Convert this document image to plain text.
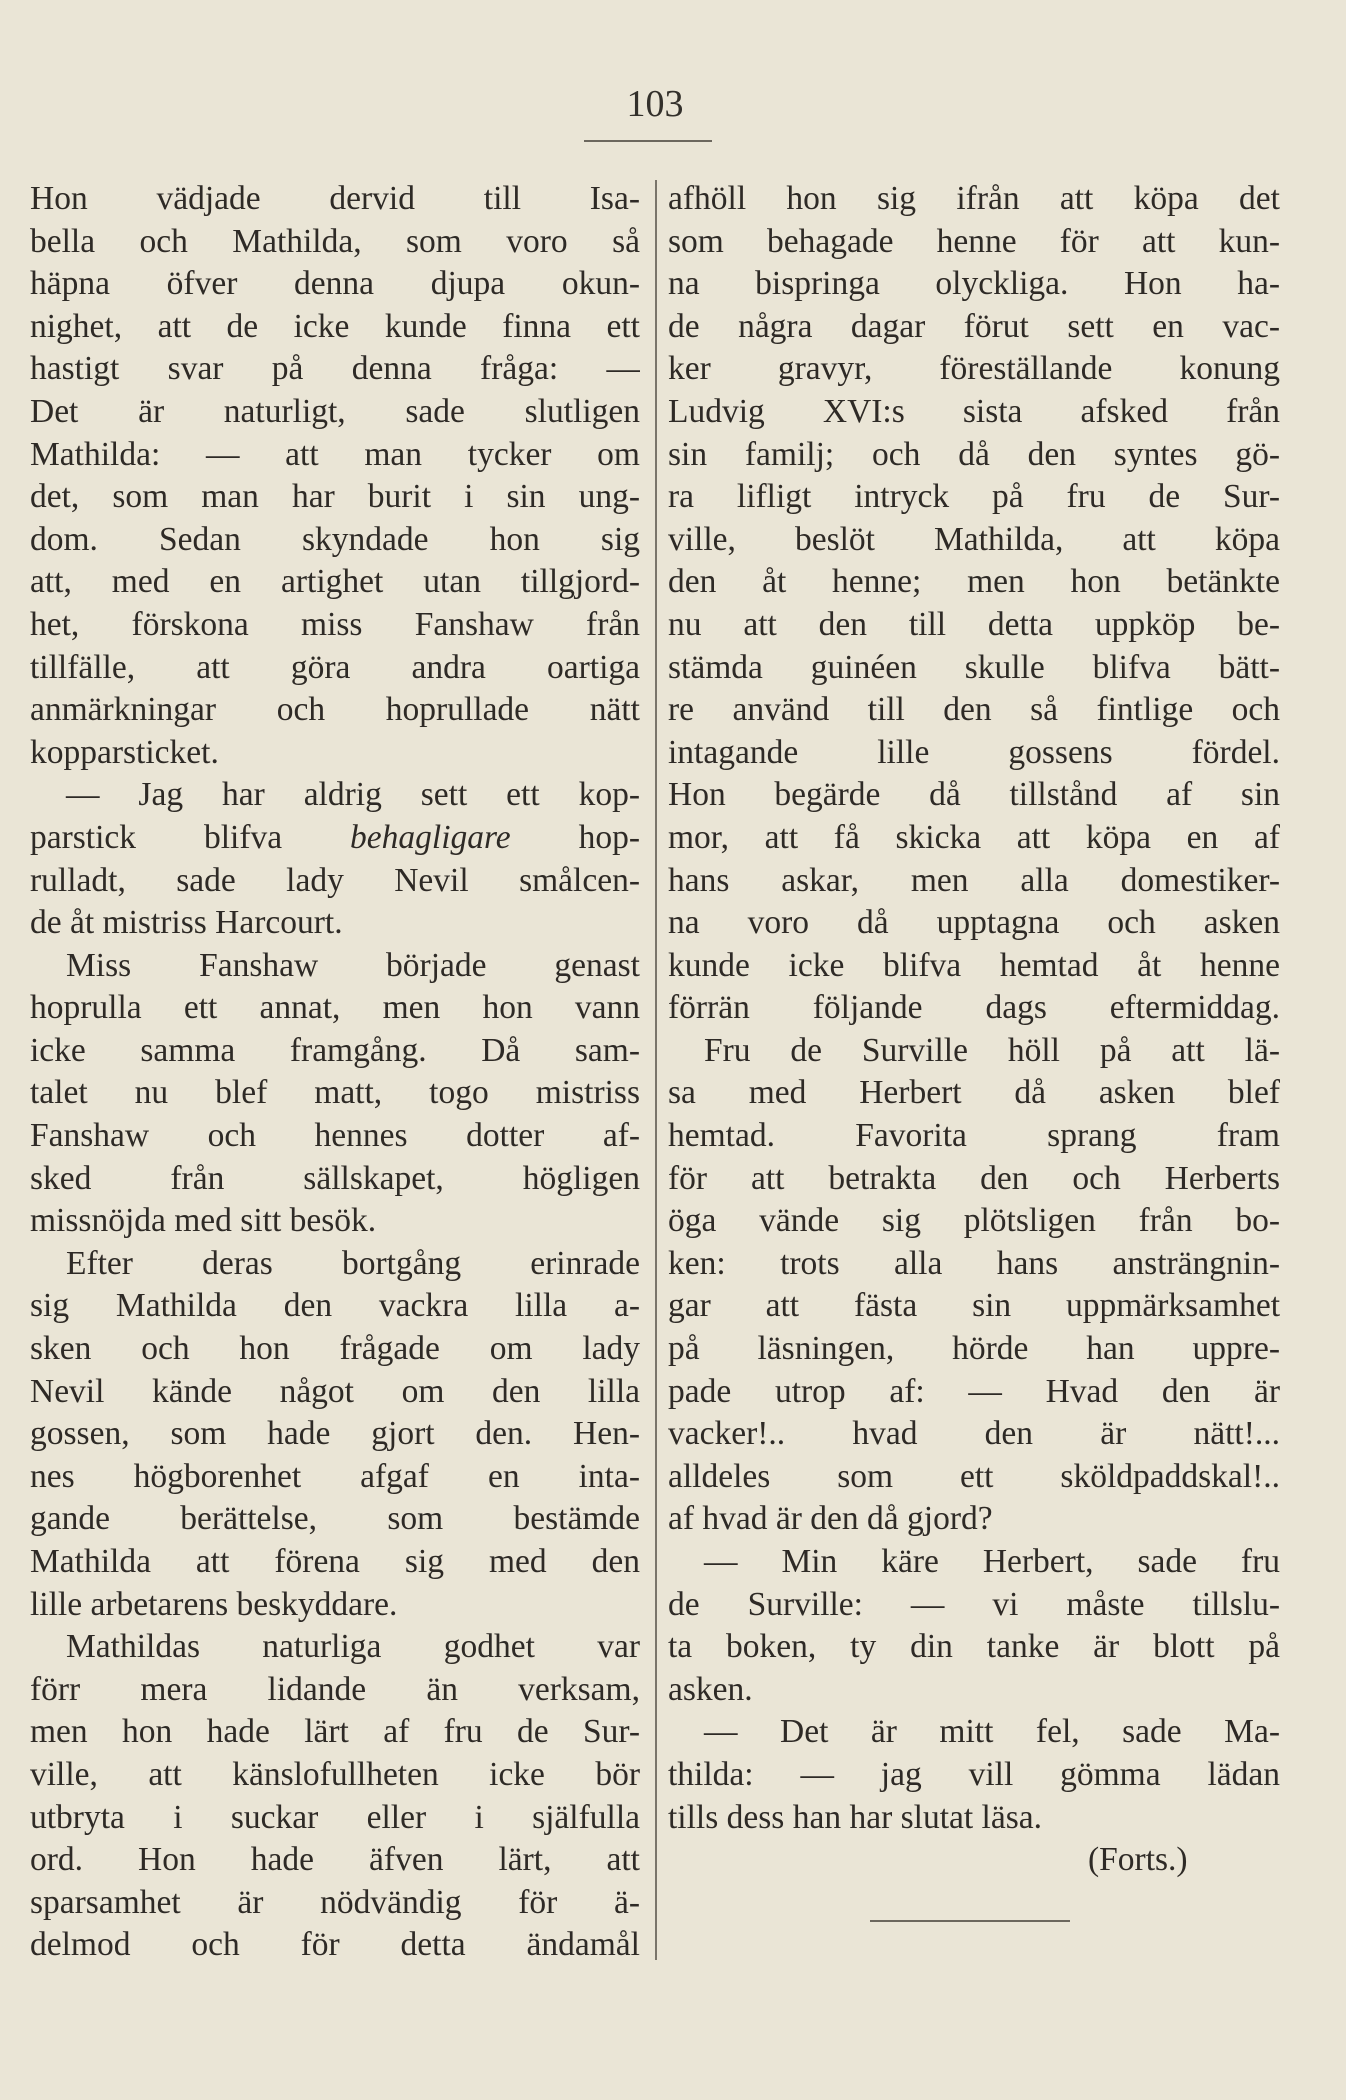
103
Hon vädjade dervid till Isa-
bella och Mathilda, som voro så
häpna öfver denna djupa okun-
nighet, att de icke kunde finna ett
hastigt svar på denna fråga: —
Det är naturligt, sade slutligen
Mathilda: — att man tycker om
det, som man har burit i sin ung-
dom. Sedan skyndade hon sig
att, med en artighet utan tillgjord-
het, förskona miss Fanshaw från
tillfälle, att göra andra oartiga
anmärkningar och hoprullade nätt
kopparsticket.
— Jag har aldrig sett ett kop-
parstick blifva behagligare hop-
rulladt, sade lady Nevil smålcen-
de åt mistriss Harcourt.
Miss Fanshaw började genast
hoprulla ett annat, men hon vann
icke samma framgång. Då sam-
talet nu blef matt, togo mistriss
Fanshaw och hennes dotter af-
sked från sällskapet, högligen
missnöjda med sitt besök.
Efter deras bortgång erinrade
sig Mathilda den vackra lilla a-
sken och hon frågade om lady
Nevil kände något om den lilla
gossen, som hade gjort den. Hen-
nes högborenhet afgaf en inta-
gande berättelse, som bestämde
Mathilda att förena sig med den
lille arbetarens beskyddare.
Mathildas naturliga godhet var
förr mera lidande än verksam,
men hon hade lärt af fru de Sur-
ville, att känslofullheten icke bör
utbryta i suckar eller i själfulla
ord. Hon hade äfven lärt, att
sparsamhet är nödvändig för ä-
delmod och för detta ändamål
afhöll hon sig ifrån att köpa det
som behagade henne för att kun-
na bispringa olyckliga. Hon ha-
de några dagar förut sett en vac-
ker gravyr, föreställande konung
Ludvig XVI:s sista afsked från
sin familj; och då den syntes gö-
ra lifligt intryck på fru de Sur-
ville, beslöt Mathilda, att köpa
den åt henne; men hon betänkte
nu att den till detta uppköp be-
stämda guinéen skulle blifva bätt-
re använd till den så fintlige och
intagande lille gossens fördel.
Hon begärde då tillstånd af sin
mor, att få skicka att köpa en af
hans askar, men alla domestiker-
na voro då upptagna och asken
kunde icke blifva hemtad åt henne
förrän följande dags eftermiddag.
Fru de Surville höll på att lä-
sa med Herbert då asken blef
hemtad. Favorita sprang fram
för att betrakta den och Herberts
öga vände sig plötsligen från bo-
ken: trots alla hans ansträngnin-
gar att fästa sin uppmärksamhet
på läsningen, hörde han uppre-
pade utrop af: — Hvad den är
vacker!.. hvad den är nätt!...
alldeles som ett sköldpaddskal!..
af hvad är den då gjord?
— Min käre Herbert, sade fru
de Surville: — vi måste tillslu-
ta boken, ty din tanke är blott på
asken.
— Det är mitt fel, sade Ma-
thilda: — jag vill gömma lädan
tills dess han har slutat läsa.
(Forts.)
